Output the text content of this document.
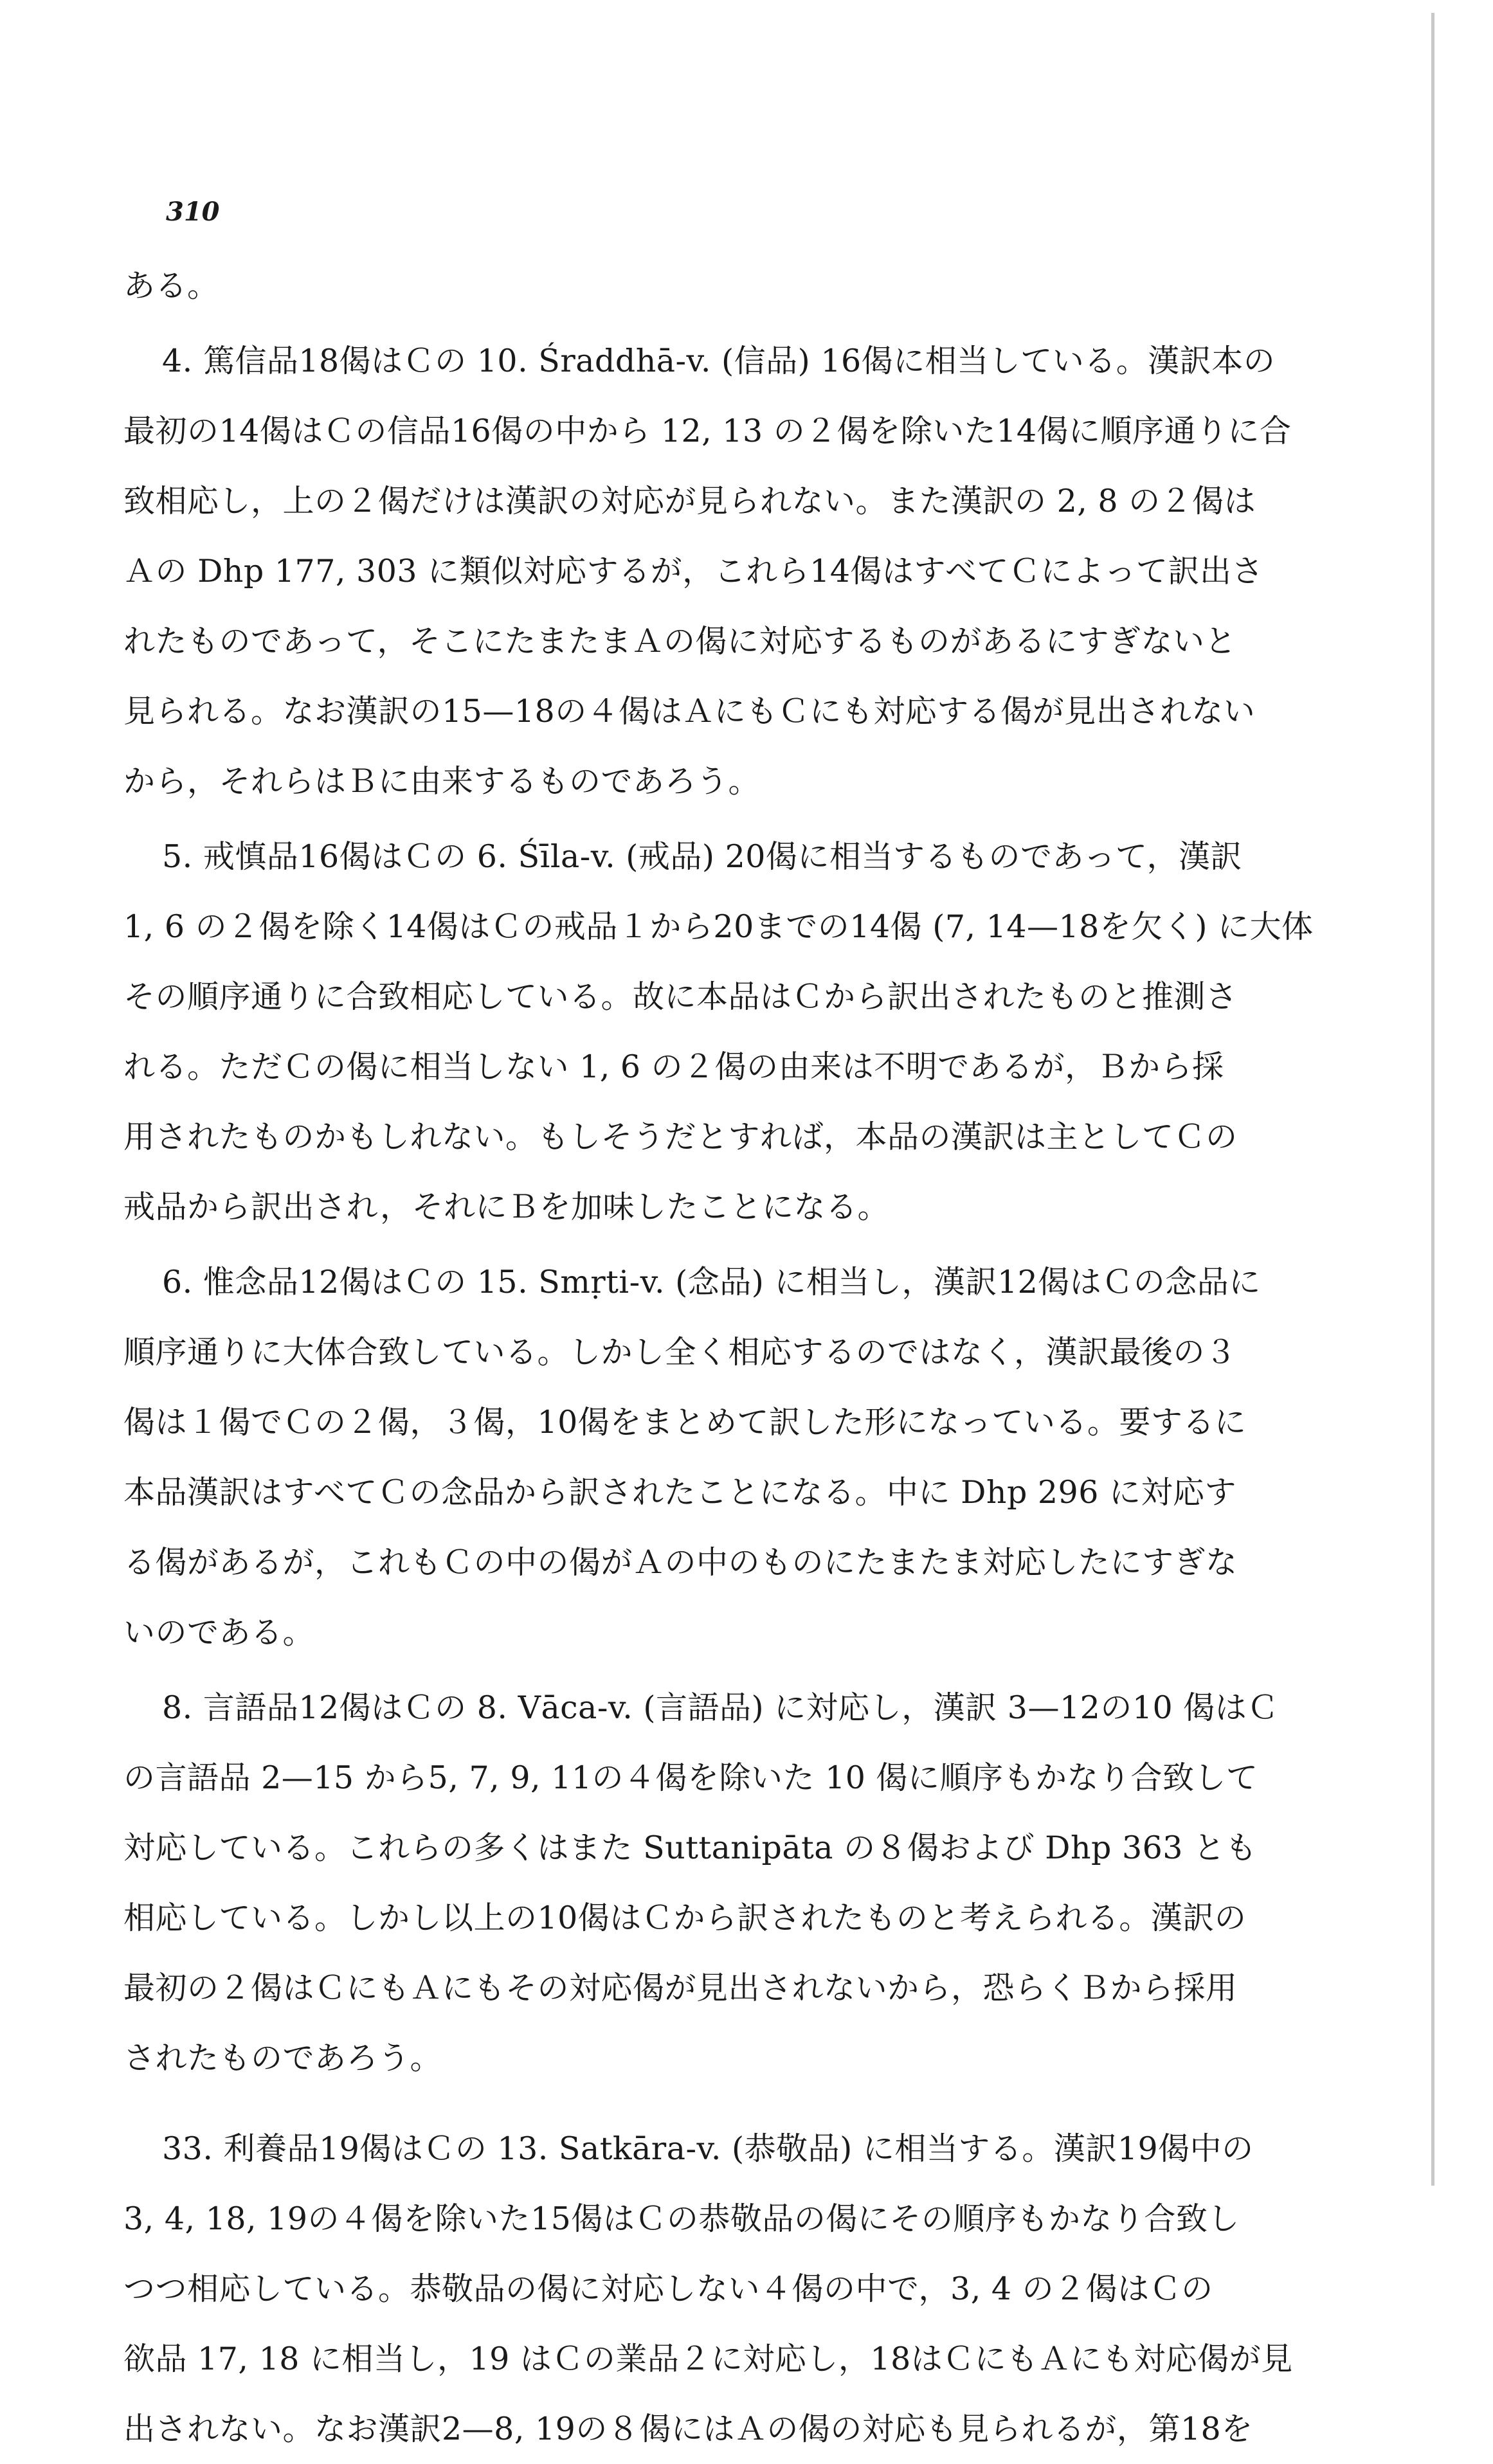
310
ある。
4. 篤信品18偈はＣの 10. Śraddhā-v. (信品) 16偈に相当している。漢訳本の
最初の14偈はＣの信品16偈の中から 12, 13 の２偈を除いた14偈に順序通りに合
致相応し，上の２偈だけは漢訳の対応が見られない。また漢訳の 2, 8 の２偈は
Ａの Dhp 177, 303 に類似対応するが，これら14偈はすべてＣによって訳出さ
れたものであって，そこにたまたまＡの偈に対応するものがあるにすぎないと
見られる。なお漢訳の15—18の４偈はＡにもＣにも対応する偈が見出されない
から，それらはＢに由来するものであろう。
5. 戒慎品16偈はＣの 6. Śīla-v. (戒品) 20偈に相当するものであって，漢訳
1, 6 の２偈を除く14偈はＣの戒品１から20までの14偈 (7, 14—18を欠く) に大体
その順序通りに合致相応している。故に本品はＣから訳出されたものと推測さ
れる。ただＣの偈に相当しない 1, 6 の２偈の由来は不明であるが，Ｂから採
用されたものかもしれない。もしそうだとすれば，本品の漢訳は主としてＣの
戒品から訳出され，それにＢを加味したことになる。
6. 惟念品12偈はＣの 15. Smṛti-v. (念品) に相当し，漢訳12偈はＣの念品に
順序通りに大体合致している。しかし全く相応するのではなく，漢訳最後の３
偈は１偈でＣの２偈，３偈，10偈をまとめて訳した形になっている。要するに
本品漢訳はすべてＣの念品から訳されたことになる。中に Dhp 296 に対応す
る偈があるが，これもＣの中の偈がＡの中のものにたまたま対応したにすぎな
いのである。
8. 言語品12偈はＣの 8. Vāca-v. (言語品) に対応し，漢訳 3—12の10 偈はＣ
の言語品 2—15 から5, 7, 9, 11の４偈を除いた 10 偈に順序もかなり合致して
対応している。これらの多くはまた Suttanipāta の８偈および Dhp 363 とも
相応している。しかし以上の10偈はＣから訳されたものと考えられる。漢訳の
最初の２偈はＣにもＡにもその対応偈が見出されないから，恐らくＢから採用
されたものであろう。
33. 利養品19偈はＣの 13. Satkāra-v. (恭敬品) に相当する。漢訳19偈中の
3, 4, 18, 19の４偈を除いた15偈はＣの恭敬品の偈にその順序もかなり合致し
つつ相応している。恭敬品の偈に対応しない４偈の中で，3, 4 の２偈はＣの
欲品 17, 18 に相当し，19 はＣの業品２に対応し，18はＣにもＡにも対応偈が見
出されない。なお漢訳2—8, 19の８偈にはＡの偈の対応も見られるが，第18を
